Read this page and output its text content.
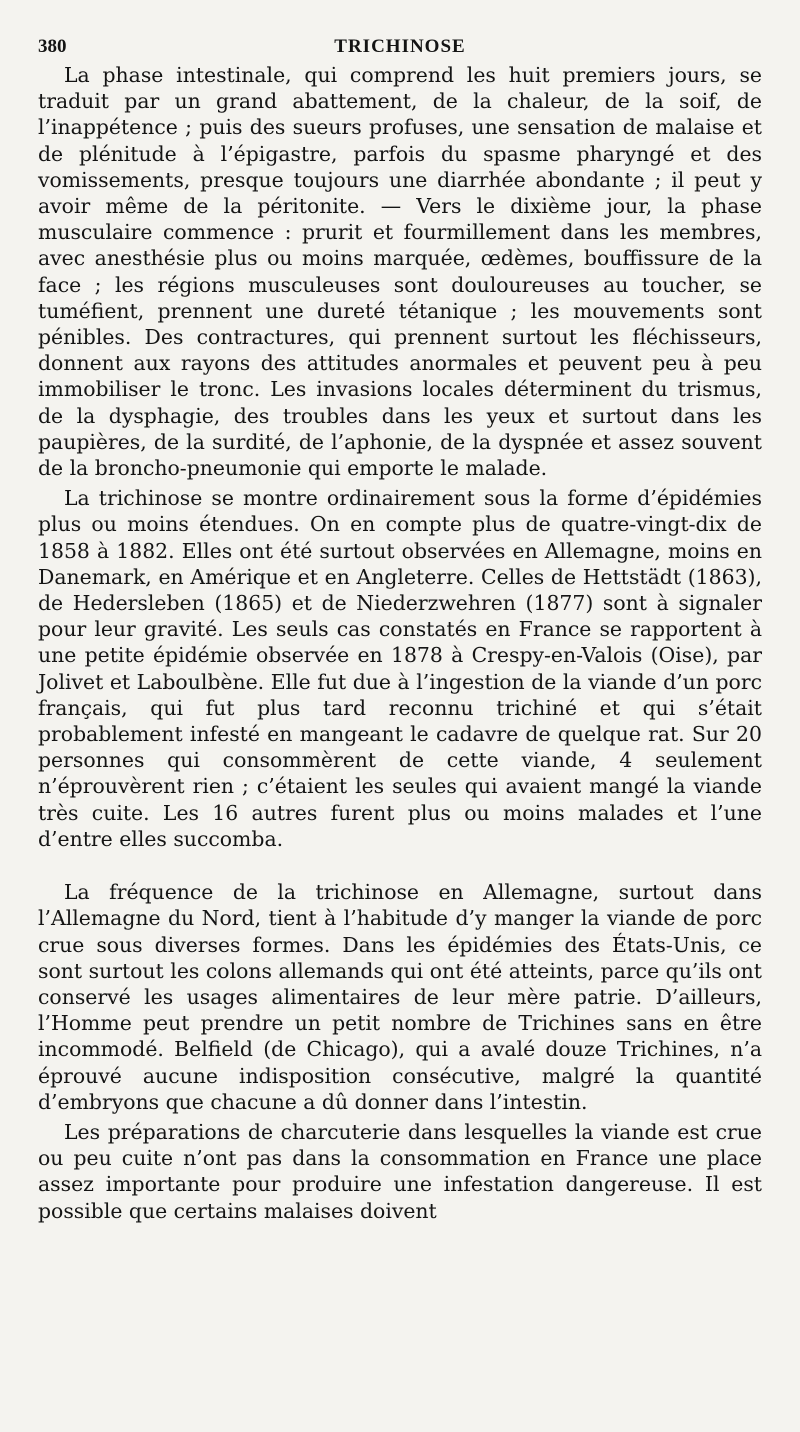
380	TRICHINOSE

La phase intestinale, qui comprend les huit premiers jours, se traduit par un grand abattement, de la chaleur, de la soif, de l’inappétence ; puis des sueurs profuses, une sensation de malaise et de plénitude à l’épigastre, parfois du spasme pharyngé et des vomissements, presque toujours une diarrhée abondante ; il peut y avoir même de la péritonite. — Vers le dixième jour, la phase musculaire commence : prurit et fourmillement dans les membres, avec anesthésie plus ou moins marquée, œdèmes, bouffissure de la face ; les régions musculeuses sont douloureuses au toucher, se tuméfient, prennent une dureté tétanique ; les mouvements sont pénibles. Des contractures, qui prennent surtout les fléchisseurs, donnent aux rayons des attitudes anormales et peuvent peu à peu immobiliser le tronc. Les invasions locales déterminent du trismus, de la dysphagie, des troubles dans les yeux et surtout dans les paupières, de la surdité, de l’aphonie, de la dyspnée et assez souvent de la broncho-pneumonie qui emporte le malade.

La trichinose se montre ordinairement sous la forme d’épidémies plus ou moins étendues. On en compte plus de quatre-vingt-dix de 1858 à 1882. Elles ont été surtout observées en Allemagne, moins en Danemark, en Amérique et en Angleterre. Celles de Hettstädt (1863), de Hedersleben (1865) et de Niederzwehren (1877) sont à signaler pour leur gravité. Les seuls cas constatés en France se rapportent à une petite épidémie observée en 1878 à Crespy-en-Valois (Oise), par Jolivet et Laboulbène. Elle fut due à l’ingestion de la viande d’un porc français, qui fut plus tard reconnu trichiné et qui s’était probablement infesté en mangeant le cadavre de quelque rat. Sur 20 personnes qui consommèrent de cette viande, 4 seulement n’éprouvèrent rien ; c’étaient les seules qui avaient mangé la viande très cuite. Les 16 autres furent plus ou moins malades et l’une d’entre elles succomba.

La fréquence de la trichinose en Allemagne, surtout dans l’Allemagne du Nord, tient à l’habitude d’y manger la viande de porc crue sous diverses formes. Dans les épidémies des États-Unis, ce sont surtout les colons allemands qui ont été atteints, parce qu’ils ont conservé les usages alimentaires de leur mère patrie. D’ailleurs, l’Homme peut prendre un petit nombre de Trichines sans en être incommodé. Belfield (de Chicago), qui a avalé douze Trichines, n’a éprouvé aucune indisposition consécutive, malgré la quantité d’embryons que chacune a dû donner dans l’intestin.

Les préparations de charcuterie dans lesquelles la viande est crue ou peu cuite n’ont pas dans la consommation en France une place assez importante pour produire une infestation dangereuse. Il est possible que certains malaises doivent
